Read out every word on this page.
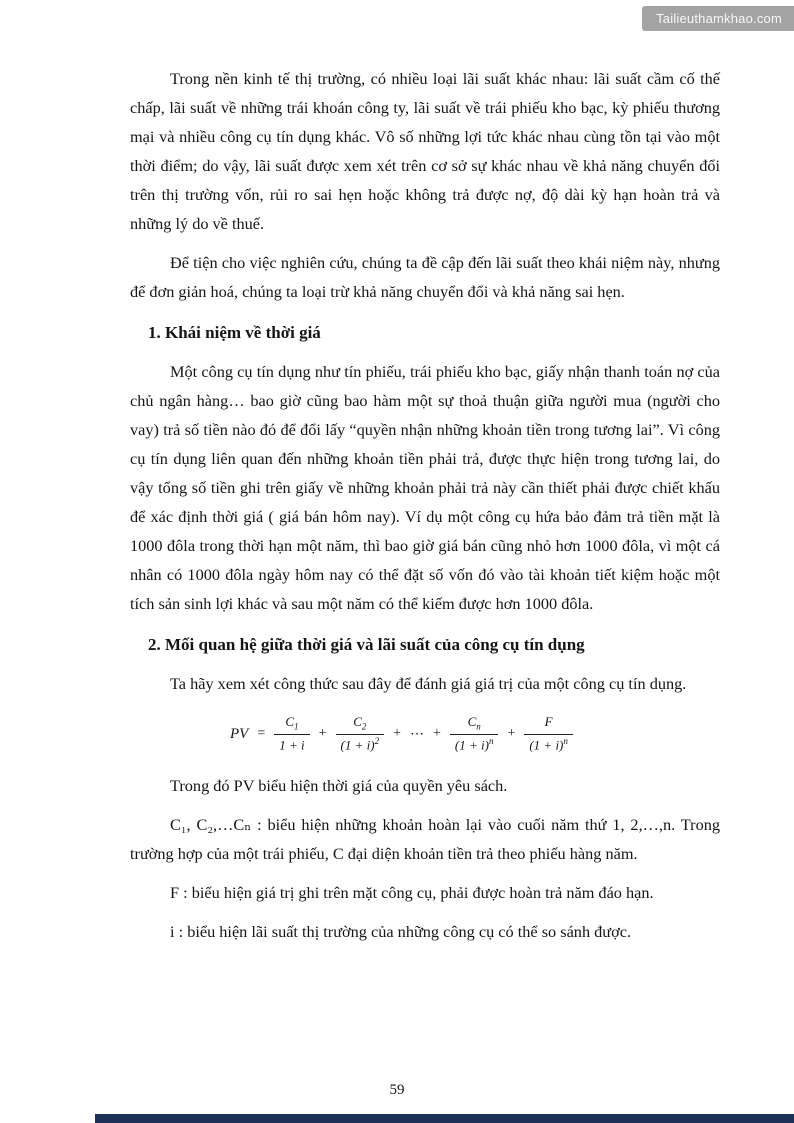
Tailieuthamkhao.com

Trong nền kinh tế thị trường, có nhiều loại lãi suất khác nhau: lãi suất cầm cố thế chấp, lãi suất về những trái khoán công ty, lãi suất về trái phiếu kho bạc, kỳ phiếu thương mại và nhiều công cụ tín dụng khác. Vô số những lợi tức khác nhau cùng tồn tại vào một thời điểm; do vậy, lãi suất được xem xét trên cơ sở sự khác nhau về khả năng chuyển đổi trên thị trường vốn, rủi ro sai hẹn hoặc không trả được nợ, độ dài kỳ hạn hoàn trả và những lý do về thuế.

Để tiện cho việc nghiên cứu, chúng ta đề cập đến lãi suất theo khái niệm này, nhưng để đơn giản hoá, chúng ta loại trừ khả năng chuyển đổi và khả năng sai hẹn.

1. Khái niệm về thời giá

Một công cụ tín dụng như tín phiếu, trái phiếu kho bạc, giấy nhận thanh toán nợ của chủ ngân hàng… bao giờ cũng bao hàm một sự thoả thuận giữa người mua (người cho vay) trả số tiền nào đó để đổi lấy “quyền nhận những khoản tiền trong tương lai”. Vì công cụ tín dụng liên quan đến những khoản tiền phải trả, được thực hiện trong tương lai, do vậy tổng số tiền ghi trên giấy về những khoản phải trả này cần thiết phải được chiết khấu để xác định thời giá ( giá bán hôm nay). Ví dụ một công cụ hứa bảo đảm trả tiền mặt là 1000 đôla trong thời hạn một năm, thì bao giờ giá bán cũng nhỏ hơn 1000 đôla, vì một cá nhân có 1000 đôla ngày hôm nay có thể đặt số vốn đó vào tài khoản tiết kiệm hoặc một tích sản sinh lợi khác và sau một năm có thể kiếm được hơn 1000 đôla.

2. Mối quan hệ giữa thời giá và lãi suất của công cụ tín dụng

Ta hãy xem xét công thức sau đây để đánh giá giá trị của một công cụ tín dụng.

PV = $\frac{C_1}{1 + i} + \frac{C_2}{(1 + i)^2}$ + ⋯ + $\frac{C_n}{(1 + i)^n} + \frac{F}{(1 + i)^n}$

Trong đó PV biểu hiện thời giá của quyền yêu sách.

C₁, C₂,…Cₙ : biểu hiện những khoản hoàn lại vào cuối năm thứ 1, 2,…,n. Trong trường hợp của một trái phiếu, C đại diện khoản tiền trả theo phiếu hàng năm.

F : biểu hiện giá trị ghi trên mặt công cụ, phải được hoàn trả năm đáo hạn.

i : biểu hiện lãi suất thị trường của những công cụ có thể so sánh được.

59
